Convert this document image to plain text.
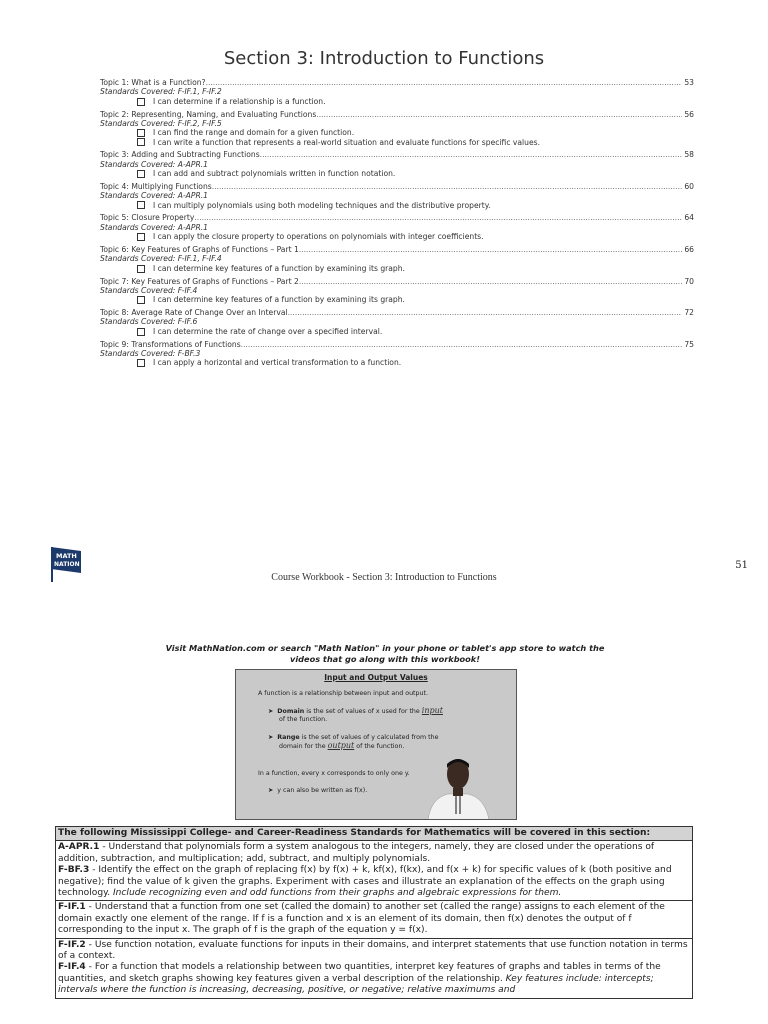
Section 3: Introduction to Functions
Topic 1: What is a Function? .....	53
Standards Covered: F-IF.1, F-IF.2
I can determine if a relationship is a function.
Topic 2: Representing, Naming, and Evaluating Functions .....	56
Standards Covered: F-IF.2, F-IF.5
I can find the range and domain for a given function.
I can write a function that represents a real-world situation and evaluate functions for specific values.
Topic 3: Adding and Subtracting Functions .....	58
Standards Covered: A-APR.1
I can add and subtract polynomials written in function notation.
Topic 4: Multiplying Functions .....	60
Standards Covered: A-APR.1
I can multiply polynomials using both modeling techniques and the distributive property.
Topic 5: Closure Property .....	64
Standards Covered: A-APR.1
I can apply the closure property to operations on polynomials with integer coefficients.
Topic 6: Key Features of Graphs of Functions – Part 1 .....	66
Standards Covered: F-IF.1, F-IF.4
I can determine key features of a function by examining its graph.
Topic 7: Key Features of Graphs of Functions – Part 2 .....	70
Standards Covered: F-IF.4
I can determine key features of a function by examining its graph.
Topic 8: Average Rate of Change Over an Interval .....	72
Standards Covered: F-IF.6
I can determine the rate of change over a specified interval.
Topic 9: Transformations of Functions .....	75
Standards Covered: F-BF.3
I can apply a horizontal and vertical transformation to a function.
MATH
NATION	51
Course Workbook - Section 3: Introduction to Functions
Visit MathNation.com or search "Math Nation" in your phone or tablet's app store to watch the
videos that go along with this workbook!
Input and Output Values
A function is a relationship between input and output.
➤  Domain is the set of values of x used for the input
of the function.
➤  Range is the set of values of y calculated from the
domain for the output of the function.
In a function, every x corresponds to only one y.
➤  y can also be written as f(x).
The following Mississippi College- and Career-Readiness Standards for Mathematics will be covered in this section:
A-APR.1 - Understand that polynomials form a system analogous to the integers, namely, they are closed under the operations of addition, subtraction, and multiplication; add, subtract, and multiply polynomials.
F-BF.3 - Identify the effect on the graph of replacing f(x) by f(x) + k, kf(x), f(kx), and f(x + k) for specific values of k (both positive and negative); find the value of k given the graphs. Experiment with cases and illustrate an explanation of the effects on the graph using technology. Include recognizing even and odd functions from their graphs and algebraic expressions for them.
F-IF.1 - Understand that a function from one set (called the domain) to another set (called the range) assigns to each element of the domain exactly one element of the range. If f is a function and x is an element of its domain, then f(x) denotes the output of f corresponding to the input x. The graph of f is the graph of the equation y = f(x).
F-IF.2 - Use function notation, evaluate functions for inputs in their domains, and interpret statements that use function notation in terms of a context.
F-IF.4 - For a function that models a relationship between two quantities, interpret key features of graphs and tables in terms of the quantities, and sketch graphs showing key features given a verbal description of the relationship. Key features include: intercepts; intervals where the function is increasing, decreasing, positive, or negative; relative maximums and
